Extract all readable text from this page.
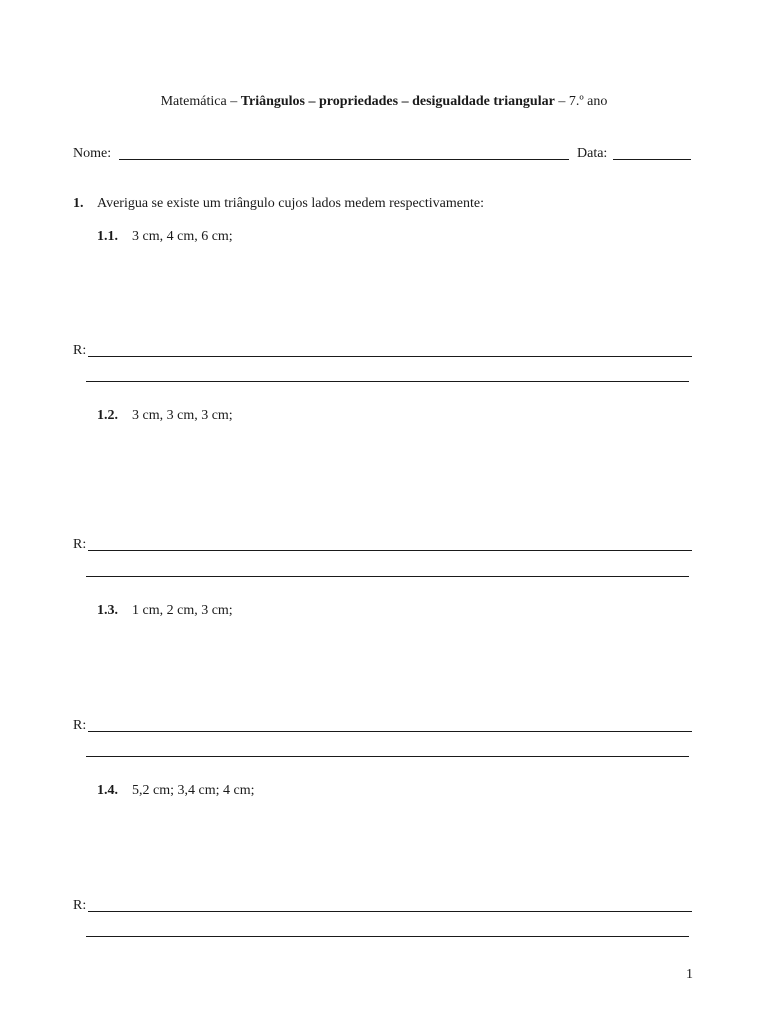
Matemática – Triângulos – propriedades – desigualdade triangular – 7.º ano
Nome:	Data:
1. Averigua se existe um triângulo cujos lados medem respectivamente:
1.1. 3 cm, 4 cm, 6 cm;
R:
1.2. 3 cm, 3 cm, 3 cm;
R:
1.3. 1 cm, 2 cm, 3 cm;
R:
1.4. 5,2 cm; 3,4 cm; 4 cm;
R:
1
